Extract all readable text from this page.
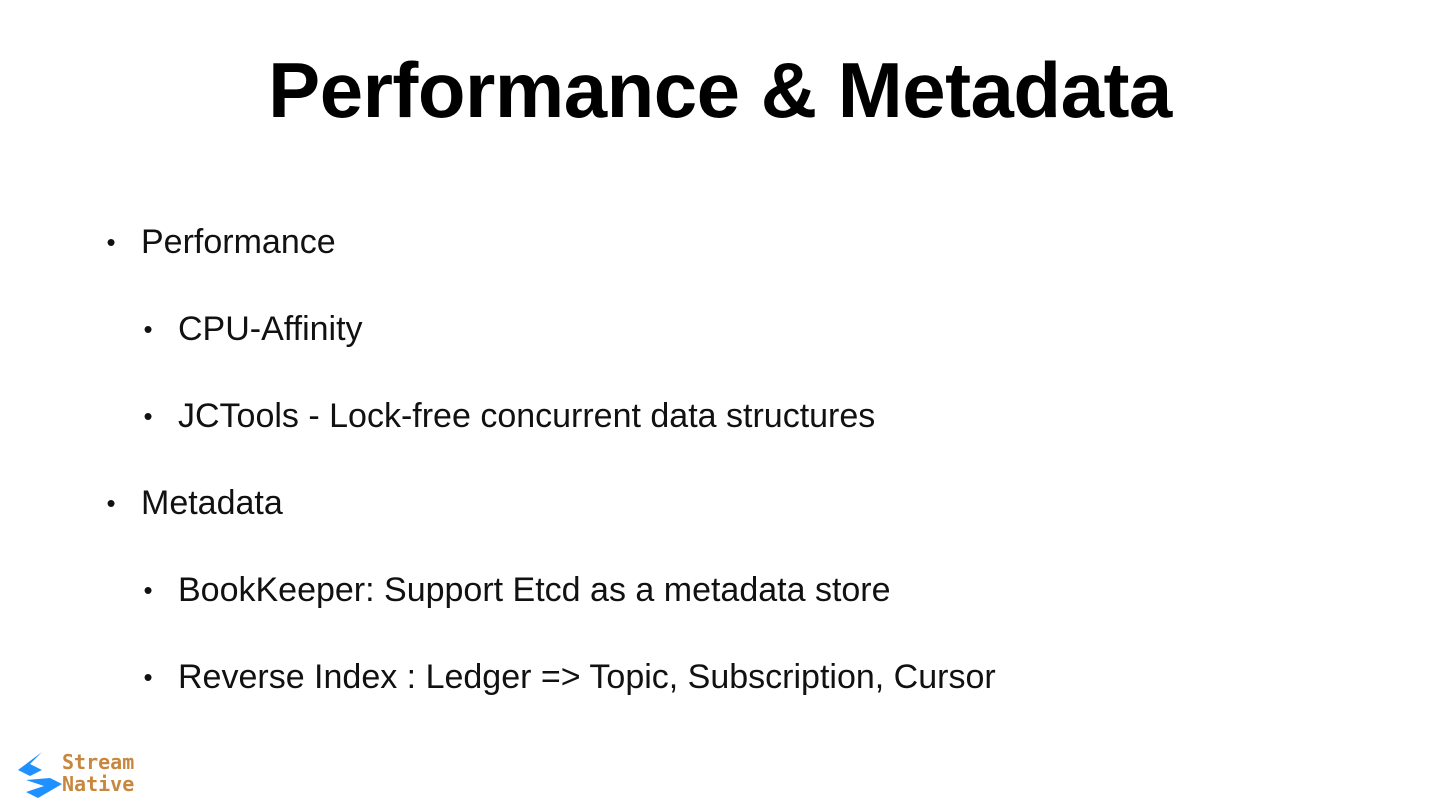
Performance & Metadata
• Performance
• CPU-Affinity
• JCTools - Lock-free concurrent data structures
• Metadata
• BookKeeper: Support Etcd as a metadata store
• Reverse Index : Ledger => Topic, Subscription, Cursor
Stream
Native
